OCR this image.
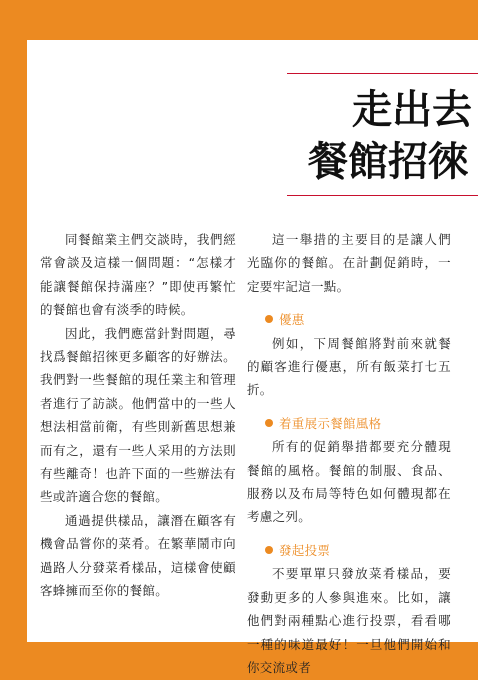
走出去
餐館招徠

同餐館業主們交談時，我們經常會談及這樣一個問題：“怎樣才能讓餐館保持滿座？”即使再繁忙的餐館也會有淡季的時候。

因此，我們應當針對問題，尋找爲餐館招徠更多顧客的好辦法。我們對一些餐館的現任業主和管理者進行了訪談。他們當中的一些人想法相當前衛，有些則新舊思想兼而有之，還有一些人采用的方法則有些離奇！也許下面的一些辦法有些或許適合您的餐館。

通過提供樣品，讓潛在顧客有機會品嘗你的菜肴。在繁華鬧市向過路人分發菜肴樣品，這樣會使顧客蜂擁而至你的餐館。

這一舉措的主要目的是讓人們光臨你的餐館。在計劃促銷時，一定要牢記這一點。

優惠

例如，下周餐館將對前來就餐的顧客進行優惠，所有飯菜打七五折。

着重展示餐館風格

所有的促銷舉措都要充分體現餐館的風格。餐館的制服、食品、服務以及布局等特色如何體現都在考慮之列。

發起投票

不要單單只發放菜肴樣品，要發動更多的人參與進來。比如，讓他們對兩種點心進行投票，看看哪一種的味道最好！一旦他們開始和你交流或者
